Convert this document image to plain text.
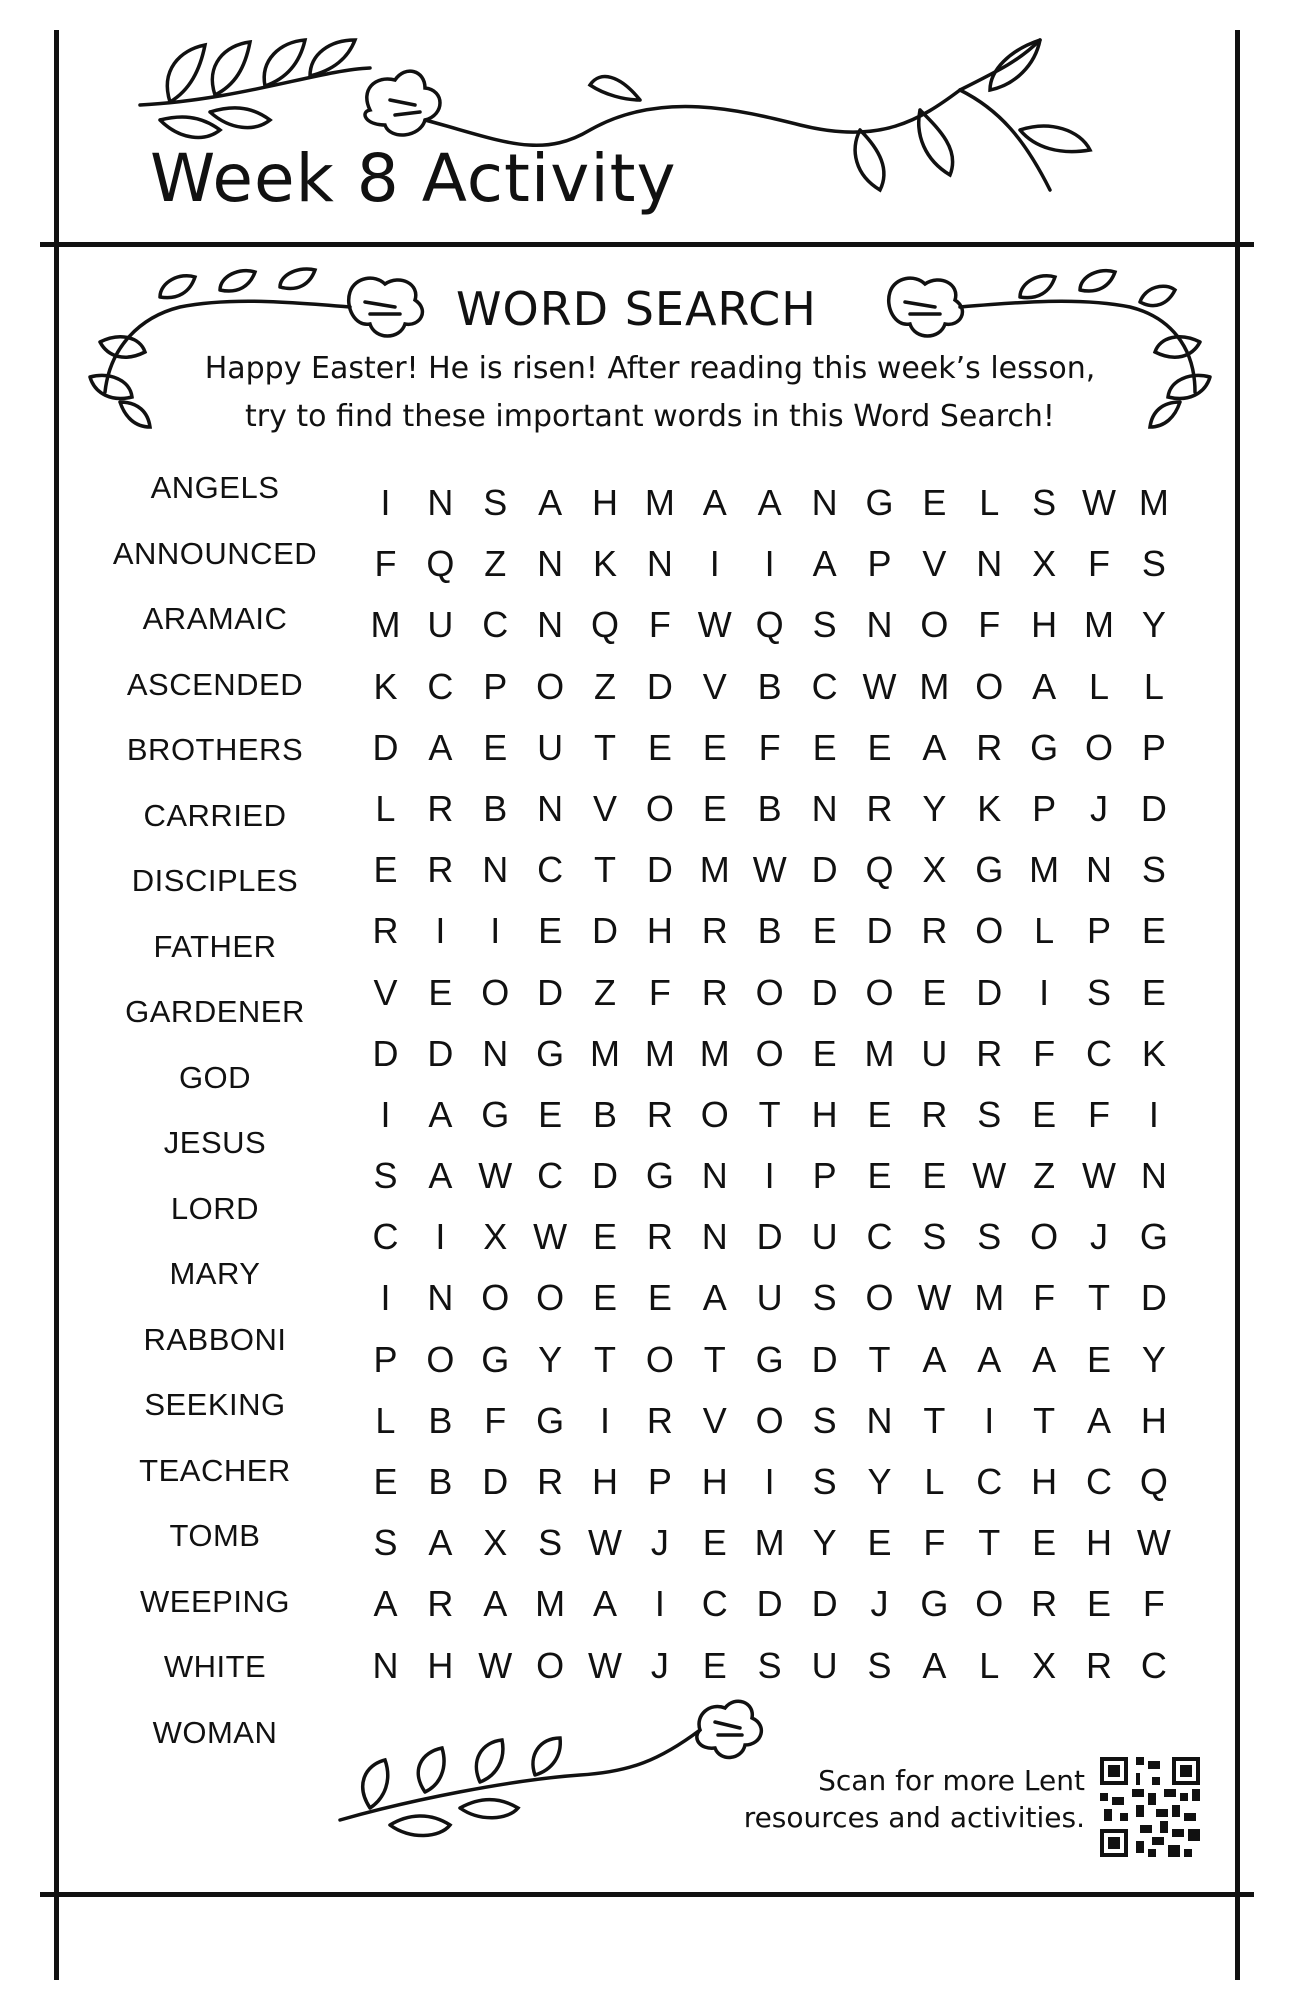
Week 8 Activity
WORD SEARCH
Happy Easter! He is risen! After reading this week’s lesson,
try to find these important words in this Word Search!
ANGELS
ANNOUNCED
ARAMAIC
ASCENDED
BROTHERS
CARRIED
DISCIPLES
FATHER
GARDENER
GOD
JESUS
LORD
MARY
RABBONI
SEEKING
TEACHER
TOMB
WEEPING
WHITE
WOMAN
I	N S A H M A A N G E L S W M
F Q Z N K N	I	I	A P V N X F S
M U C N Q F W Q S N O F H M Y
K C P O Z D V B C W M O A L L
D A E U T E E F E E A R G O P
L R B N V O E B N R Y K P J D
E R N C T D M W D Q X G M N S
R	I	I	E D H R B E D R O L P E
V E O D Z F R O D O E D	I	S E
D D N G M M M O E M U R F C K
I	A G E B R O T H E R S E F	I
S A W C D G N	I	P E E W Z W N
C	I	X W E R N D U C S S O J G
I	N O O E E A U S O W M F T D
P O G Y T O T G D T A A A E Y
L B F G I	R V O S N T	I	T A H
E B D R H P H	I	S Y L C H C Q
S A X S W J E M Y E F T E H W
A R A M A	I	C D D J G O R E F
N H W O W J E S U S A L X R C
Scan for more Lent
resources and activities.
